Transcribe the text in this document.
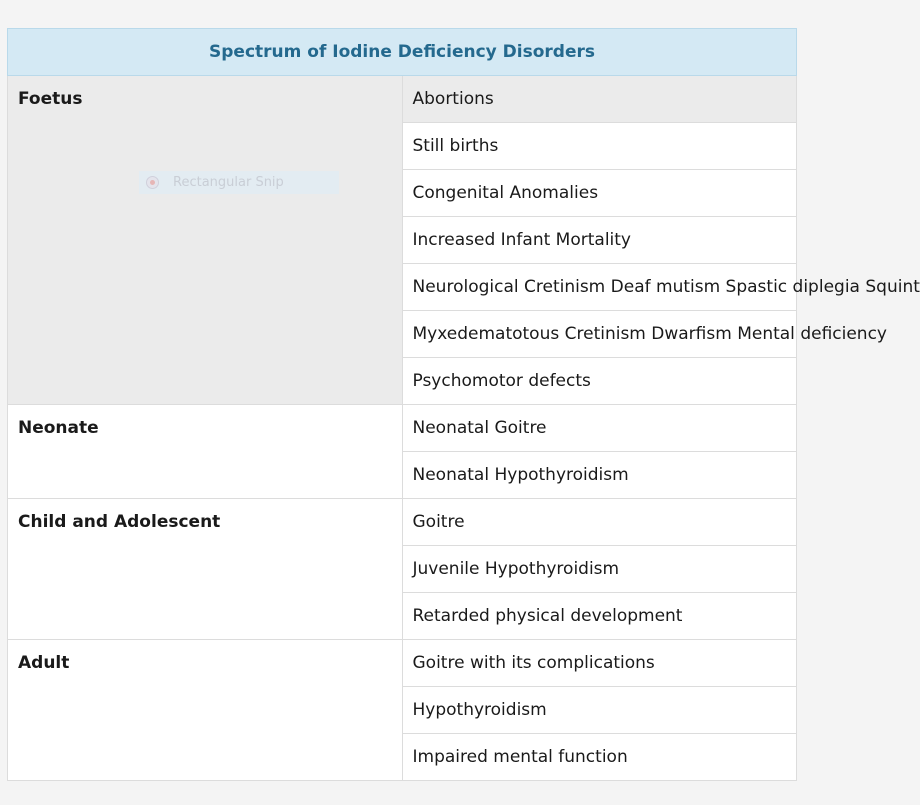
Spectrum of Iodine Deficiency Disorders	
Foetus	Abortions
	Still births
	Congenital Anomalies
	Increased Infant Mortality
	Neurological Cretinism Deaf mutism Spastic diplegia Squint
	Myxedematotous Cretinism Dwarfism Mental deficiency
	Psychomotor defects
Neonate	Neonatal Goitre
	Neonatal Hypothyroidism
Child and Adolescent	Goitre
	Juvenile Hypothyroidism
	Retarded physical development
Adult	Goitre with its complications
	Hypothyroidism
	Impaired mental function
Rectangular Snip
